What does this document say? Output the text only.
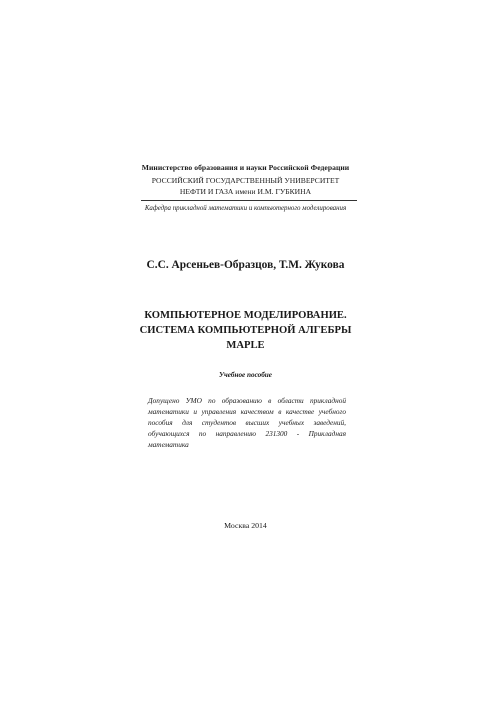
Министерство образования и науки Российской Федерации
РОССИЙСКИЙ ГОСУДАРСТВЕННЫЙ УНИВЕРСИТЕТ
НЕФТИ И ГАЗА имени И.М. ГУБКИНА
Кафедра прикладной математики и компьютерного моделирования
С.С. Арсеньев-Образцов, Т.М. Жукова
КОМПЬЮТЕРНОЕ МОДЕЛИРОВАНИЕ.
СИСТЕМА КОМПЬЮТЕРНОЙ АЛГЕБРЫ
MAPLE
Учебное пособие
Допущено УМО по образованию в области прикладной математики и управления качеством в качестве учебного пособия для студентов высших учебных заведений, обучающихся по направлению 231300 - Прикладная математика
Москва 2014
